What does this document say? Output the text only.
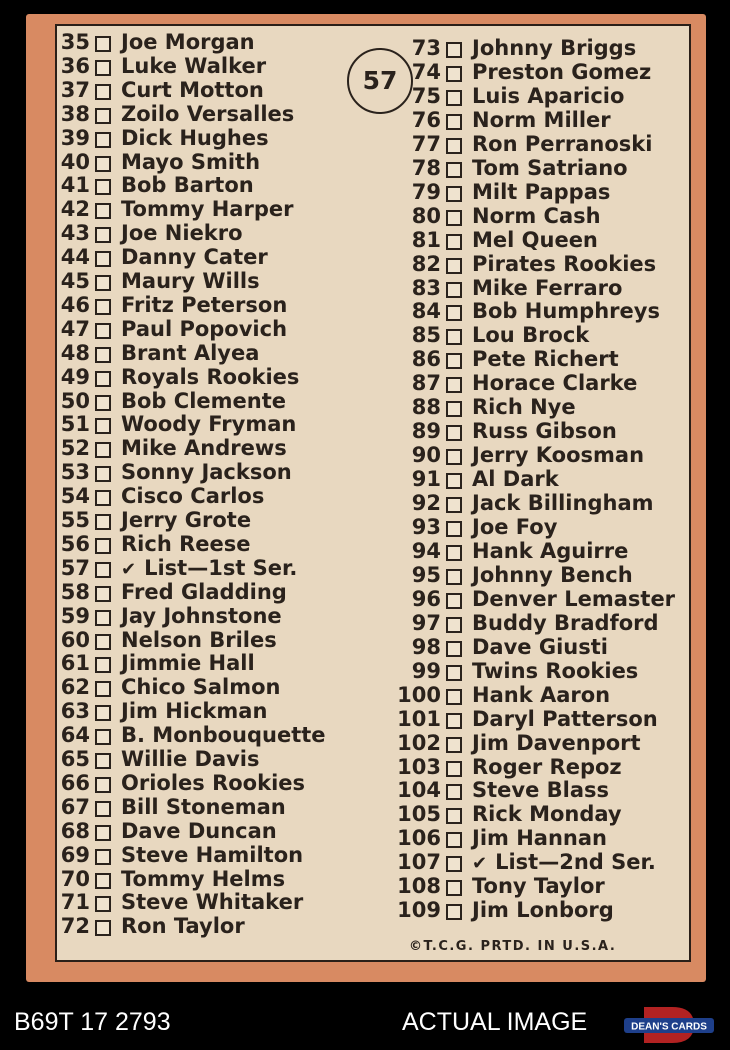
57
35 Joe Morgan
36 Luke Walker
37 Curt Motton
38 Zoilo Versalles
39 Dick Hughes
40 Mayo Smith
41 Bob Barton
42 Tommy Harper
43 Joe Niekro
44 Danny Cater
45 Maury Wills
46 Fritz Peterson
47 Paul Popovich
48 Brant Alyea
49 Royals Rookies
50 Bob Clemente
51 Woody Fryman
52 Mike Andrews
53 Sonny Jackson
54 Cisco Carlos
55 Jerry Grote
56 Rich Reese
57 ✔ List—1st Ser.
58 Fred Gladding
59 Jay Johnstone
60 Nelson Briles
61 Jimmie Hall
62 Chico Salmon
63 Jim Hickman
64 B. Monbouquette
65 Willie Davis
66 Orioles Rookies
67 Bill Stoneman
68 Dave Duncan
69 Steve Hamilton
70 Tommy Helms
71 Steve Whitaker
72 Ron Taylor
73 Johnny Briggs
74 Preston Gomez
75 Luis Aparicio
76 Norm Miller
77 Ron Perranoski
78 Tom Satriano
79 Milt Pappas
80 Norm Cash
81 Mel Queen
82 Pirates Rookies
83 Mike Ferraro
84 Bob Humphreys
85 Lou Brock
86 Pete Richert
87 Horace Clarke
88 Rich Nye
89 Russ Gibson
90 Jerry Koosman
91 Al Dark
92 Jack Billingham
93 Joe Foy
94 Hank Aguirre
95 Johnny Bench
96 Denver Lemaster
97 Buddy Bradford
98 Dave Giusti
99 Twins Rookies
100 Hank Aaron
101 Daryl Patterson
102 Jim Davenport
103 Roger Repoz
104 Steve Blass
105 Rick Monday
106 Jim Hannan
107 ✔ List—2nd Ser.
108 Tony Taylor
109 Jim Lonborg
©T.C.G. PRTD. IN U.S.A.
B69T 17 2793	ACTUAL IMAGE	DEAN'S CARDS
